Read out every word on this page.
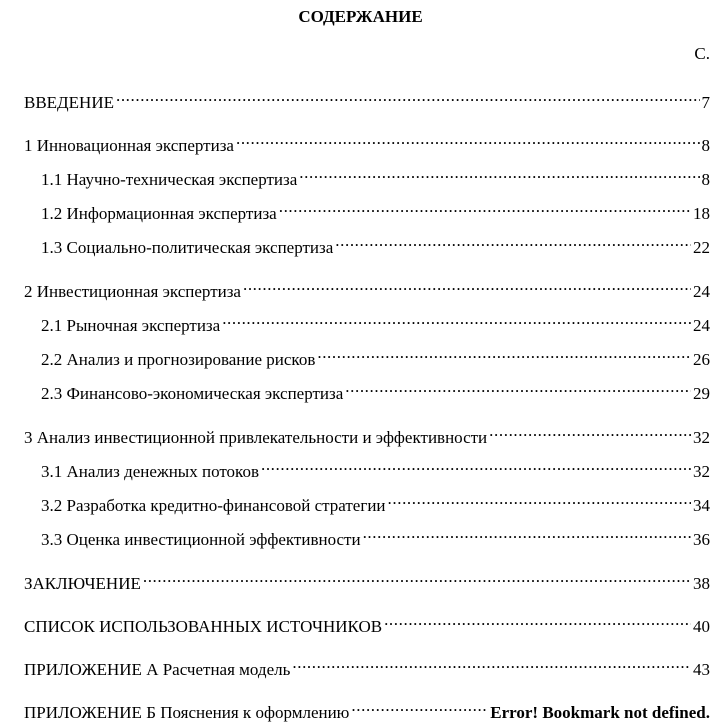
СОДЕРЖАНИЕ
С.
ВВЕДЕНИЕ .....	7
1 Инновационная экспертиза .....	8
1.1 Научно-техническая экспертиза .....	8
1.2 Информационная экспертиза .....	18
1.3 Социально-политическая экспертиза .....	22
2 Инвестиционная экспертиза .....	24
2.1 Рыночная экспертиза .....	24
2.2 Анализ и прогнозирование рисков .....	26
2.3 Финансово-экономическая экспертиза .....	29
3 Анализ инвестиционной привлекательности и эффективности .....	32
3.1 Анализ денежных потоков .....	32
3.2 Разработка кредитно-финансовой стратегии .....	34
3.3 Оценка инвестиционной эффективности .....	36
ЗАКЛЮЧЕНИЕ .....	38
СПИСОК ИСПОЛЬЗОВАННЫХ ИСТОЧНИКОВ .....	40
ПРИЛОЖЕНИЕ А Расчетная модель .....	43
ПРИЛОЖЕНИЕ Б Пояснения к оформлению .....	Error! Bookmark not defined.
